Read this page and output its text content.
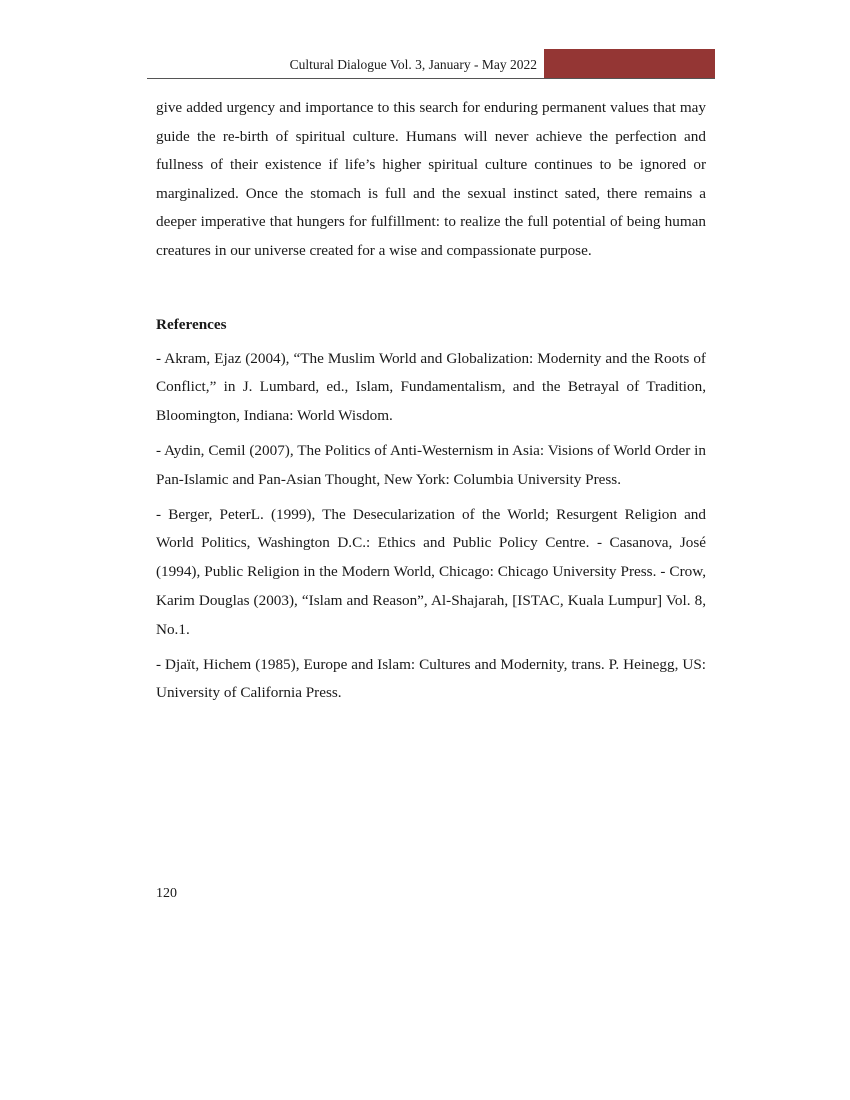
Cultural Dialogue Vol. 3, January - May 2022

give added urgency and importance to this search for enduring permanent values that may guide the re-birth of spiritual culture. Humans will never achieve the perfection and fullness of their existence if life’s higher spiritual culture continues to be ignored or marginalized. Once the stomach is full and the sexual instinct sated, there remains a deeper imperative that hungers for fulfillment: to realize the full potential of being human creatures in our universe created for a wise and compassionate purpose.

References

- Akram, Ejaz (2004), “The Muslim World and Globalization: Modernity and the Roots of Conflict,” in J. Lumbard, ed., Islam, Fundamentalism, and the Betrayal of Tradition, Bloomington, Indiana: World Wisdom.

- Aydin, Cemil (2007), The Politics of Anti-Westernism in Asia: Visions of World Order in Pan-Islamic and Pan-Asian Thought, New York: Columbia University Press.

- Berger, PeterL. (1999), The Desecularization of the World; Resurgent Religion and World Politics, Washington D.C.: Ethics and Public Policy Centre. - Casanova, José (1994), Public Religion in the Modern World, Chicago: Chicago University Press. - Crow, Karim Douglas (2003), “Islam and Reason”, Al-Shajarah, [ISTAC, Kuala Lumpur] Vol. 8, No.1.

- Djaït, Hichem (1985), Europe and Islam: Cultures and Modernity, trans. P. Heinegg, US: University of California Press.

120
